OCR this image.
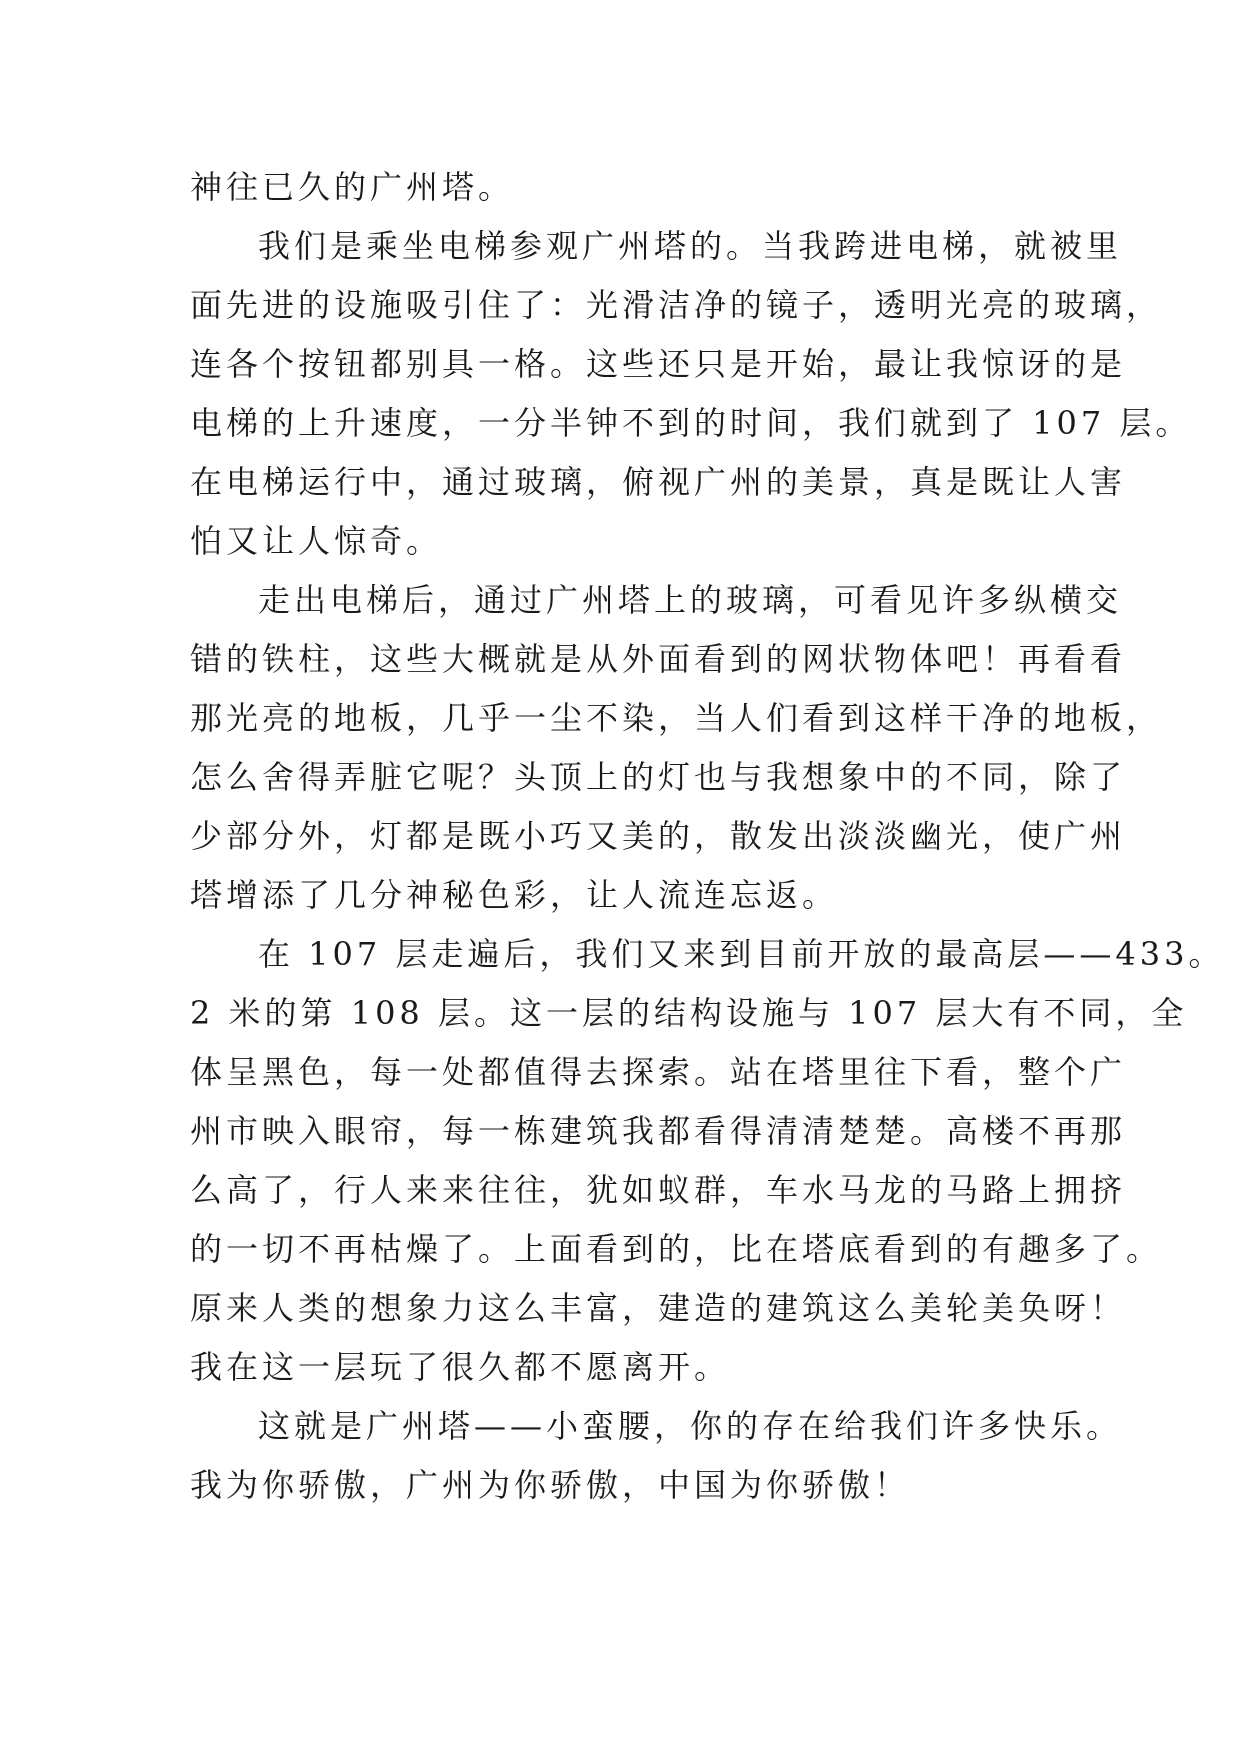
神往已久的广州塔。
我们是乘坐电梯参观广州塔的。当我跨进电梯，就被里
面先进的设施吸引住了：光滑洁净的镜子，透明光亮的玻璃，
连各个按钮都别具一格。这些还只是开始，最让我惊讶的是
电梯的上升速度，一分半钟不到的时间，我们就到了 107 层。
在电梯运行中，通过玻璃，俯视广州的美景，真是既让人害
怕又让人惊奇。
走出电梯后，通过广州塔上的玻璃，可看见许多纵横交
错的铁柱，这些大概就是从外面看到的网状物体吧！再看看
那光亮的地板，几乎一尘不染，当人们看到这样干净的地板，
怎么舍得弄脏它呢？头顶上的灯也与我想象中的不同，除了
少部分外，灯都是既小巧又美的，散发出淡淡幽光，使广州
塔增添了几分神秘色彩，让人流连忘返。
在 107 层走遍后，我们又来到目前开放的最高层——433。
2 米的第 108 层。这一层的结构设施与 107 层大有不同，全
体呈黑色，每一处都值得去探索。站在塔里往下看，整个广
州市映入眼帘，每一栋建筑我都看得清清楚楚。高楼不再那
么高了，行人来来往往，犹如蚁群，车水马龙的马路上拥挤
的一切不再枯燥了。上面看到的，比在塔底看到的有趣多了。
原来人类的想象力这么丰富，建造的建筑这么美轮美奂呀！
我在这一层玩了很久都不愿离开。
这就是广州塔——小蛮腰，你的存在给我们许多快乐。
我为你骄傲，广州为你骄傲，中国为你骄傲！
